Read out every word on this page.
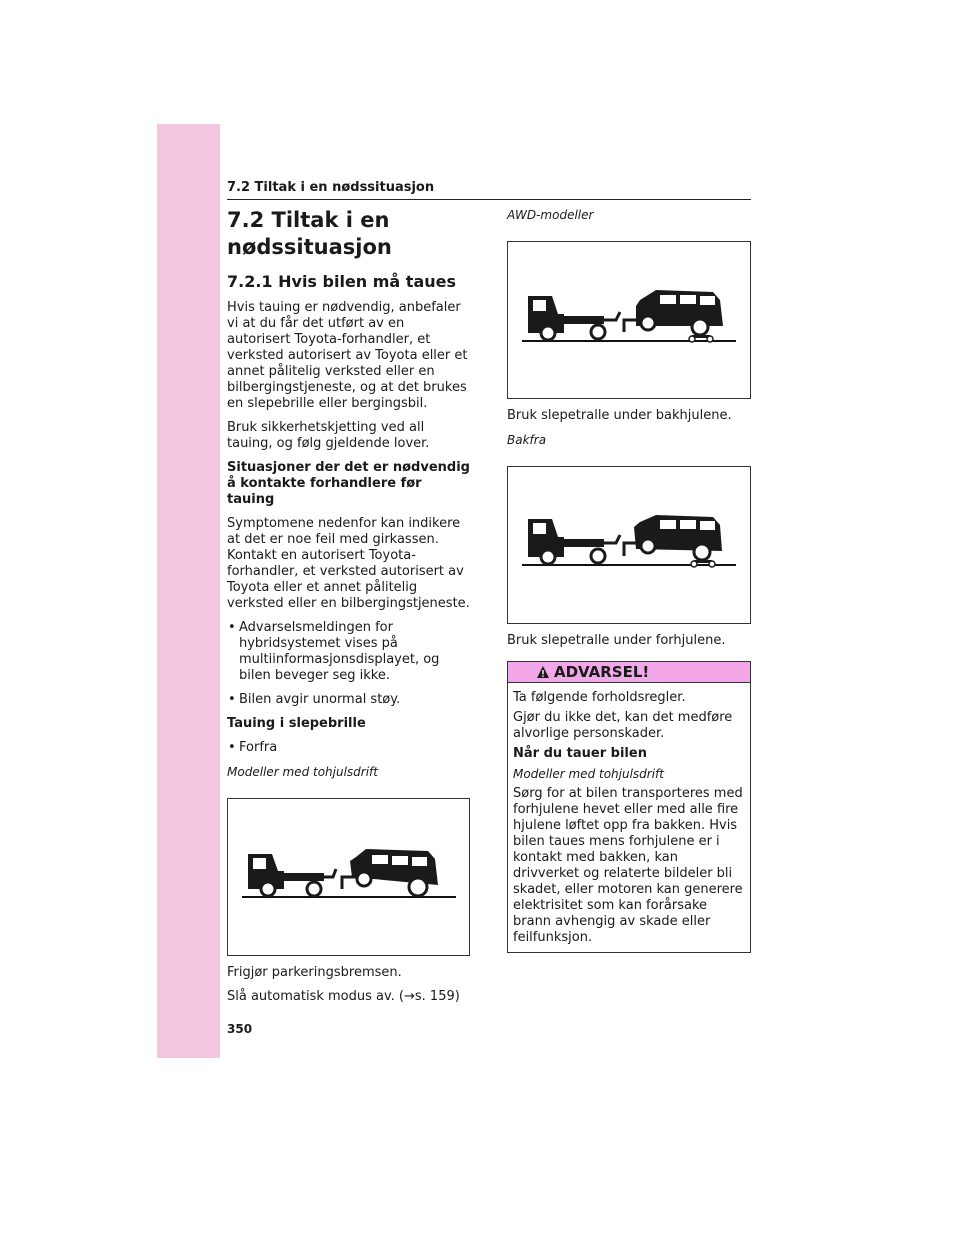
7.2 Tiltak i en nødssituasjon
7.2 Tiltak i en nødssituasjon
7.2.1 Hvis bilen må taues

Hvis tauing er nødvendig, anbefaler vi at du får det utført av en autorisert Toyota-forhandler, et verksted autorisert av Toyota eller et annet pålitelig verksted eller en bilbergingstjeneste, og at det brukes en slepebrille eller bergingsbil.

Bruk sikkerhetskjetting ved all tauing, og følg gjeldende lover.

Situasjoner der det er nødvendig å kontakte forhandlere før tauing

Symptomene nedenfor kan indikere at det er noe feil med girkassen. Kontakt en autorisert Toyota-forhandler, et verksted autorisert av Toyota eller et annet pålitelig verksted eller en bilbergingstjeneste.

• Advarselsmeldingen for hybridsystemet vises på multiinformasjonsdisplayet, og bilen beveger seg ikke.
• Bilen avgir unormal støy.

Tauing i slepebrille

• Forfra

Modeller med tohjulsdrift

Frigjør parkeringsbremsen.

Slå automatisk modus av. (→s. 159)

AWD-modeller

Bruk slepetralle under bakhjulene.

Bakfra

Bruk slepetralle under forhjulene.

ADVARSEL!

Ta følgende forholdsregler.

Gjør du ikke det, kan det medføre alvorlige personskader.

Når du tauer bilen

Modeller med tohjulsdrift

Sørg for at bilen transporteres med forhjulene hevet eller med alle fire hjulene løftet opp fra bakken. Hvis bilen taues mens forhjulene er i kontakt med bakken, kan drivverket og relaterte bildeler bli skadet, eller motoren kan generere elektrisitet som kan forårsake brann avhengig av skade eller feilfunksjon.

350
